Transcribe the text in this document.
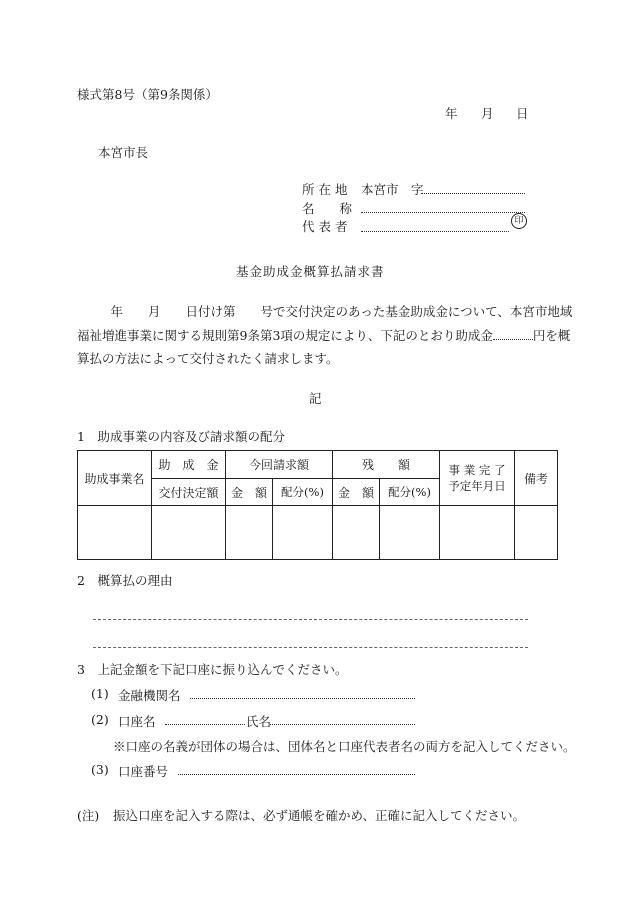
様式第8号（第9条関係）
年 月 日
本宮市長
所 在 地 本宮市　字
名　　称
代 表 者	印
基金助成金概算払請求書
　年　　月　　日付け第　　号で交付決定のあった基金助成金について、本宮市地域
福祉増進事業に関する規則第9条第3項の規定により、下記のとおり助成金	円を概
算払の方法によって交付されたく請求します。
記
1　助成事業の内容及び請求額の配分
助成事業名	助　成　金	今回請求額		残　　額		事 業 完 了
予定年月日	備考
	交付決定額	金　額	配分(%)	金　額	配分(%)		

2　概算払の理由
3　上記金額を下記口座に振り込んでください。
(1) 金融機関名
(2) 口座名	氏名
※口座の名義が団体の場合は、団体名と口座代表者名の両方を記入してください。
(3) 口座番号
(注) 振込口座を記入する際は、必ず通帳を確かめ、正確に記入してください。
